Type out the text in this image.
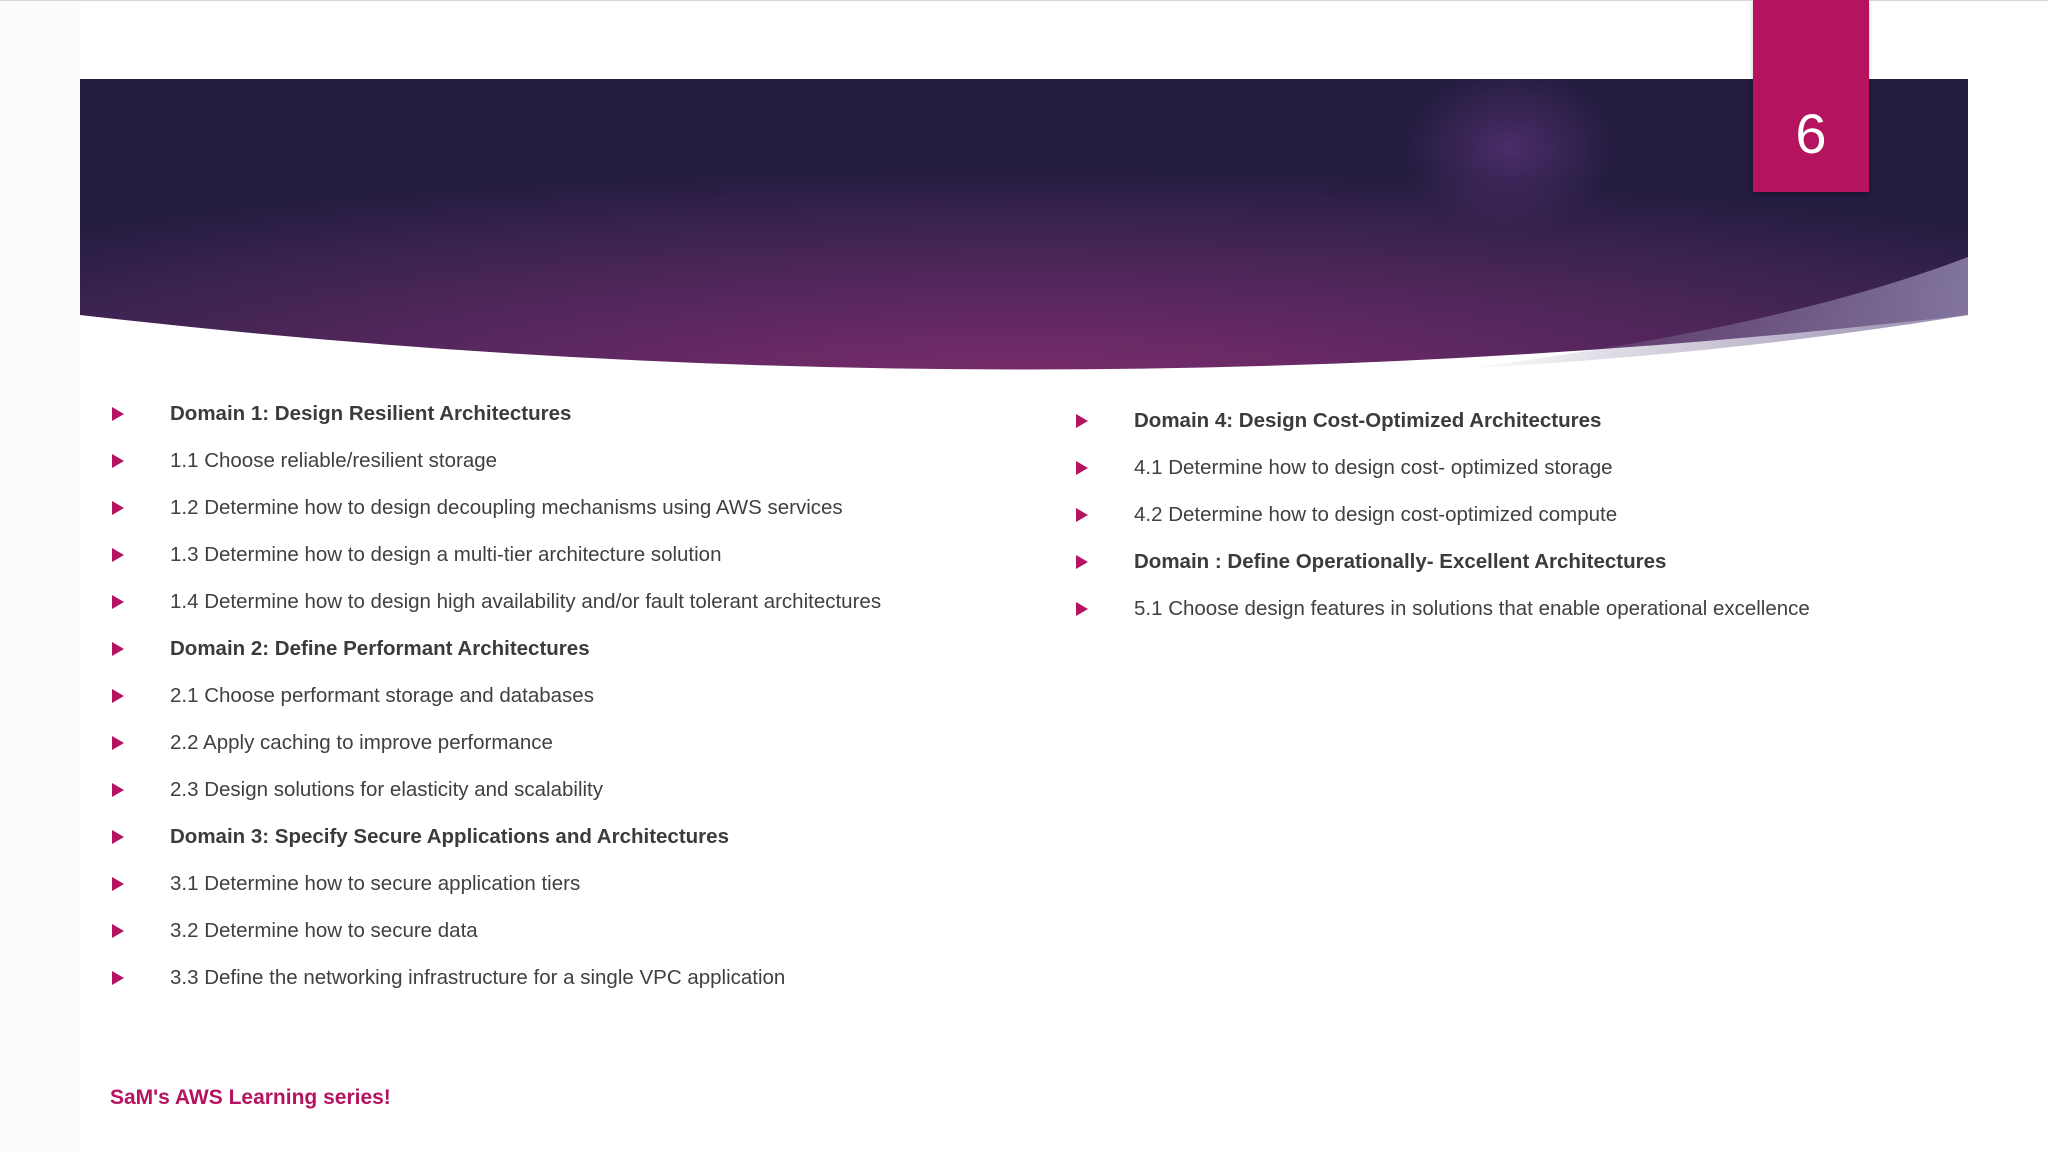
6
Domain 1: Design Resilient Architectures
1.1 Choose reliable/resilient storage
1.2 Determine how to design decoupling mechanisms using AWS services
1.3 Determine how to design a multi-tier architecture solution
1.4 Determine how to design high availability and/or fault tolerant architectures
Domain 2: Define Performant Architectures
2.1 Choose performant storage and databases
2.2 Apply caching to improve performance
2.3 Design solutions for elasticity and scalability
Domain 3: Specify Secure Applications and Architectures
3.1 Determine how to secure application tiers
3.2 Determine how to secure data
3.3 Define the networking infrastructure for a single VPC application
Domain 4: Design Cost-Optimized Architectures
4.1 Determine how to design cost- optimized storage
4.2 Determine how to design cost-optimized compute
Domain : Define Operationally- Excellent Architectures
5.1 Choose design features in solutions that enable operational excellence
SaM's AWS Learning series!
